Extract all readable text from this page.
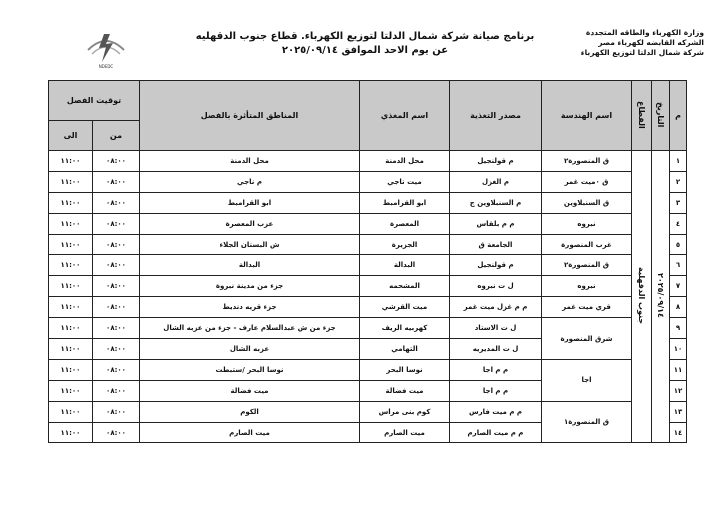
وزارة الكهرباء والطاقه المتجددة
الشركه القابضه لكهرباء مصر
شركة شمال الدلتا لتوزيع الكهرباء
برنامج صيانة شركة شمال الدلتا لتوزيع الكهرباء. قطاع جنوب الدقهليه
عن يوم الاحد الموافق ٢٠٢٥/٠٩/١٤
NDEDC
م	التاريخ	القطاع	اسم الهندسة	مصدر التغذية	اسم المغذي	المناطق المتأثرة بالفصل	توقيت الفصل	
							من	الى
١	٢٠٢٥/٠٩/١٤	جنوب الدقهلية	ق المنصورة٢	م قولنجيل	محل الدمنة	محل الدمنة	٠٨:٠٠	١١:٠٠
٢			ق ٠ميت غمر	م الغزل	ميت ناجي	م ناجي	٠٨:٠٠	١١:٠٠
٣			ق السنبلاوين	م السنبلاوين ج	ابو القرامبط	ابو القرامبط	٠٨:٠٠	١١:٠٠
٤			نبروه	م م بلقاس	المعصرة	عزب المعصرة	٠٨:٠٠	١١:٠٠
٥			غرب المنصورة	الجامعة ق	الجزيرة	ش البستان الجلاء	٠٨:٠٠	١١:٠٠
٦			ق المنصورة٢	م قولنجيل	البدالة	البدالة	٠٨:٠٠	١١:٠٠
٧			نبروه	ل ت نبروه	المشحمه	جزء من مدينة نبروة	٠٨:٠٠	١١:٠٠
٨			قري ميت غمر	م م غزل ميت غمر	ميت القرشي	جزء قريه دنديط	٠٨:٠٠	١١:٠٠
٩			شرق المنصورة	ل ت الاستاد	كهربيه الريف	جزء من ش عبدالسلام عارف - جزء من عزبه الشال	٠٨:٠٠	١١:٠٠
١٠				ل ت المديريه	التهامي	عزبه الشال	٠٨:٠٠	١١:٠٠
١١			اجا	م م اجا	نوسا البحر	نوسا البحر /ستبطت	٠٨:٠٠	١١:٠٠
١٢				م م اجا	ميت فضالة	ميت فضالة	٠٨:٠٠	١١:٠٠
١٣			ق المنصورة١	م م ميت فارس	كوم بنى مراس	الكوم	٠٨:٠٠	١١:٠٠
١٤				م م ميت الصارم	ميت الصارم	ميت الصارم	٠٨:٠٠	١١:٠٠
